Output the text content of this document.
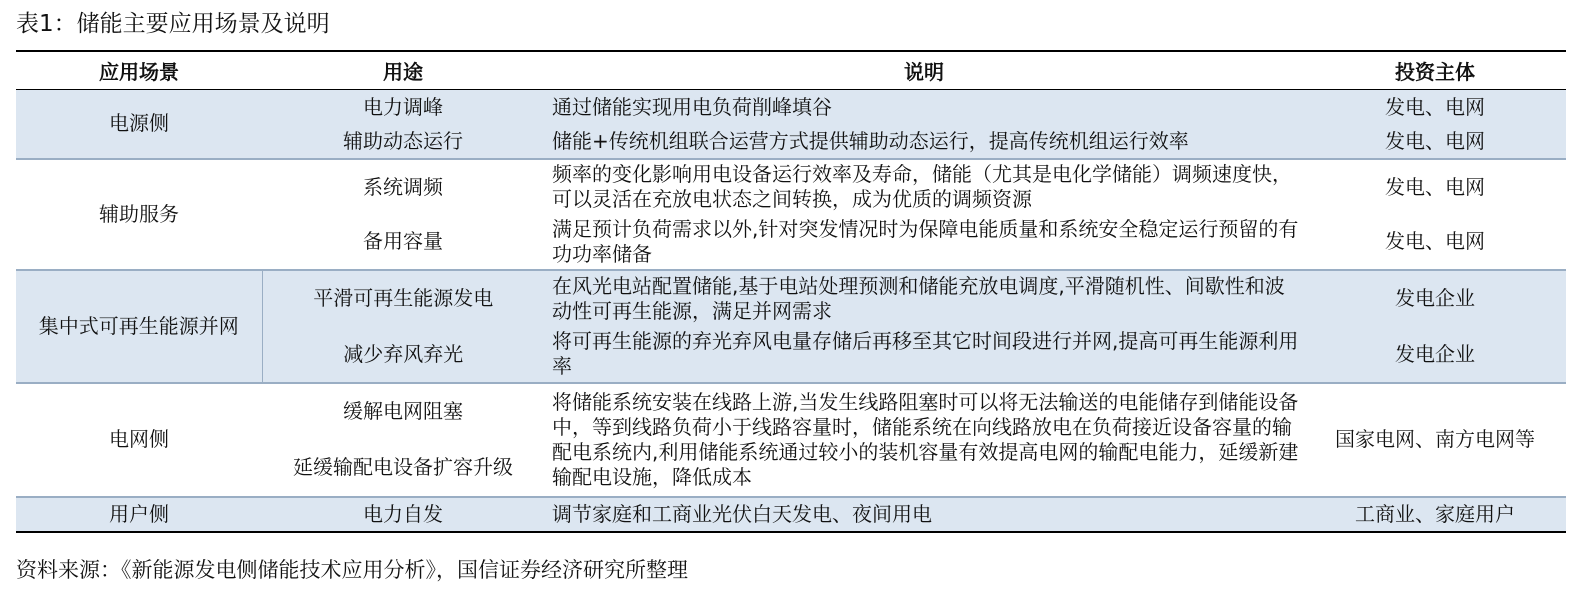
表1：储能主要应用场景及说明
应用场景	用途	说明	投资主体
电源侧	电力调峰	通过储能实现用电负荷削峰填谷	发电、电网
	辅助动态运行	储能+传统机组联合运营方式提供辅助动态运行，提高传统机组运行效率	发电、电网
辅助服务	系统调频	频率的变化影响用电设备运行效率及寿命，储能（尤其是电化学储能）调频速度快，可以灵活在充放电状态之间转换，成为优质的调频资源	发电、电网
	备用容量	满足预计负荷需求以外,针对突发情况时为保障电能质量和系统安全稳定运行预留的有功功率储备	发电、电网
集中式可再生能源并网	平滑可再生能源发电	在风光电站配置储能,基于电站处理预测和储能充放电调度,平滑随机性、间歇性和波动性可再生能源，满足并网需求	发电企业
	减少弃风弃光	将可再生能源的弃光弃风电量存储后再移至其它时间段进行并网,提高可再生能源利用率	发电企业
电网侧	缓解电网阻塞	将储能系统安装在线路上游,当发生线路阻塞时可以将无法输送的电能储存到储能设备中，等到线路负荷小于线路容量时，储能系统在向线路放电在负荷接近设备容量的输配电系统内,利用储能系统通过较小的装机容量有效提高电网的输配电能力，延缓新建输配电设施，降低成本	国家电网、南方电网等
	延缓输配电设备扩容升级		
用户侧	电力自发	调节家庭和工商业光伏白天发电、夜间用电	工商业、家庭用户
资料来源：《新能源发电侧储能技术应用分析》，国信证券经济研究所整理
